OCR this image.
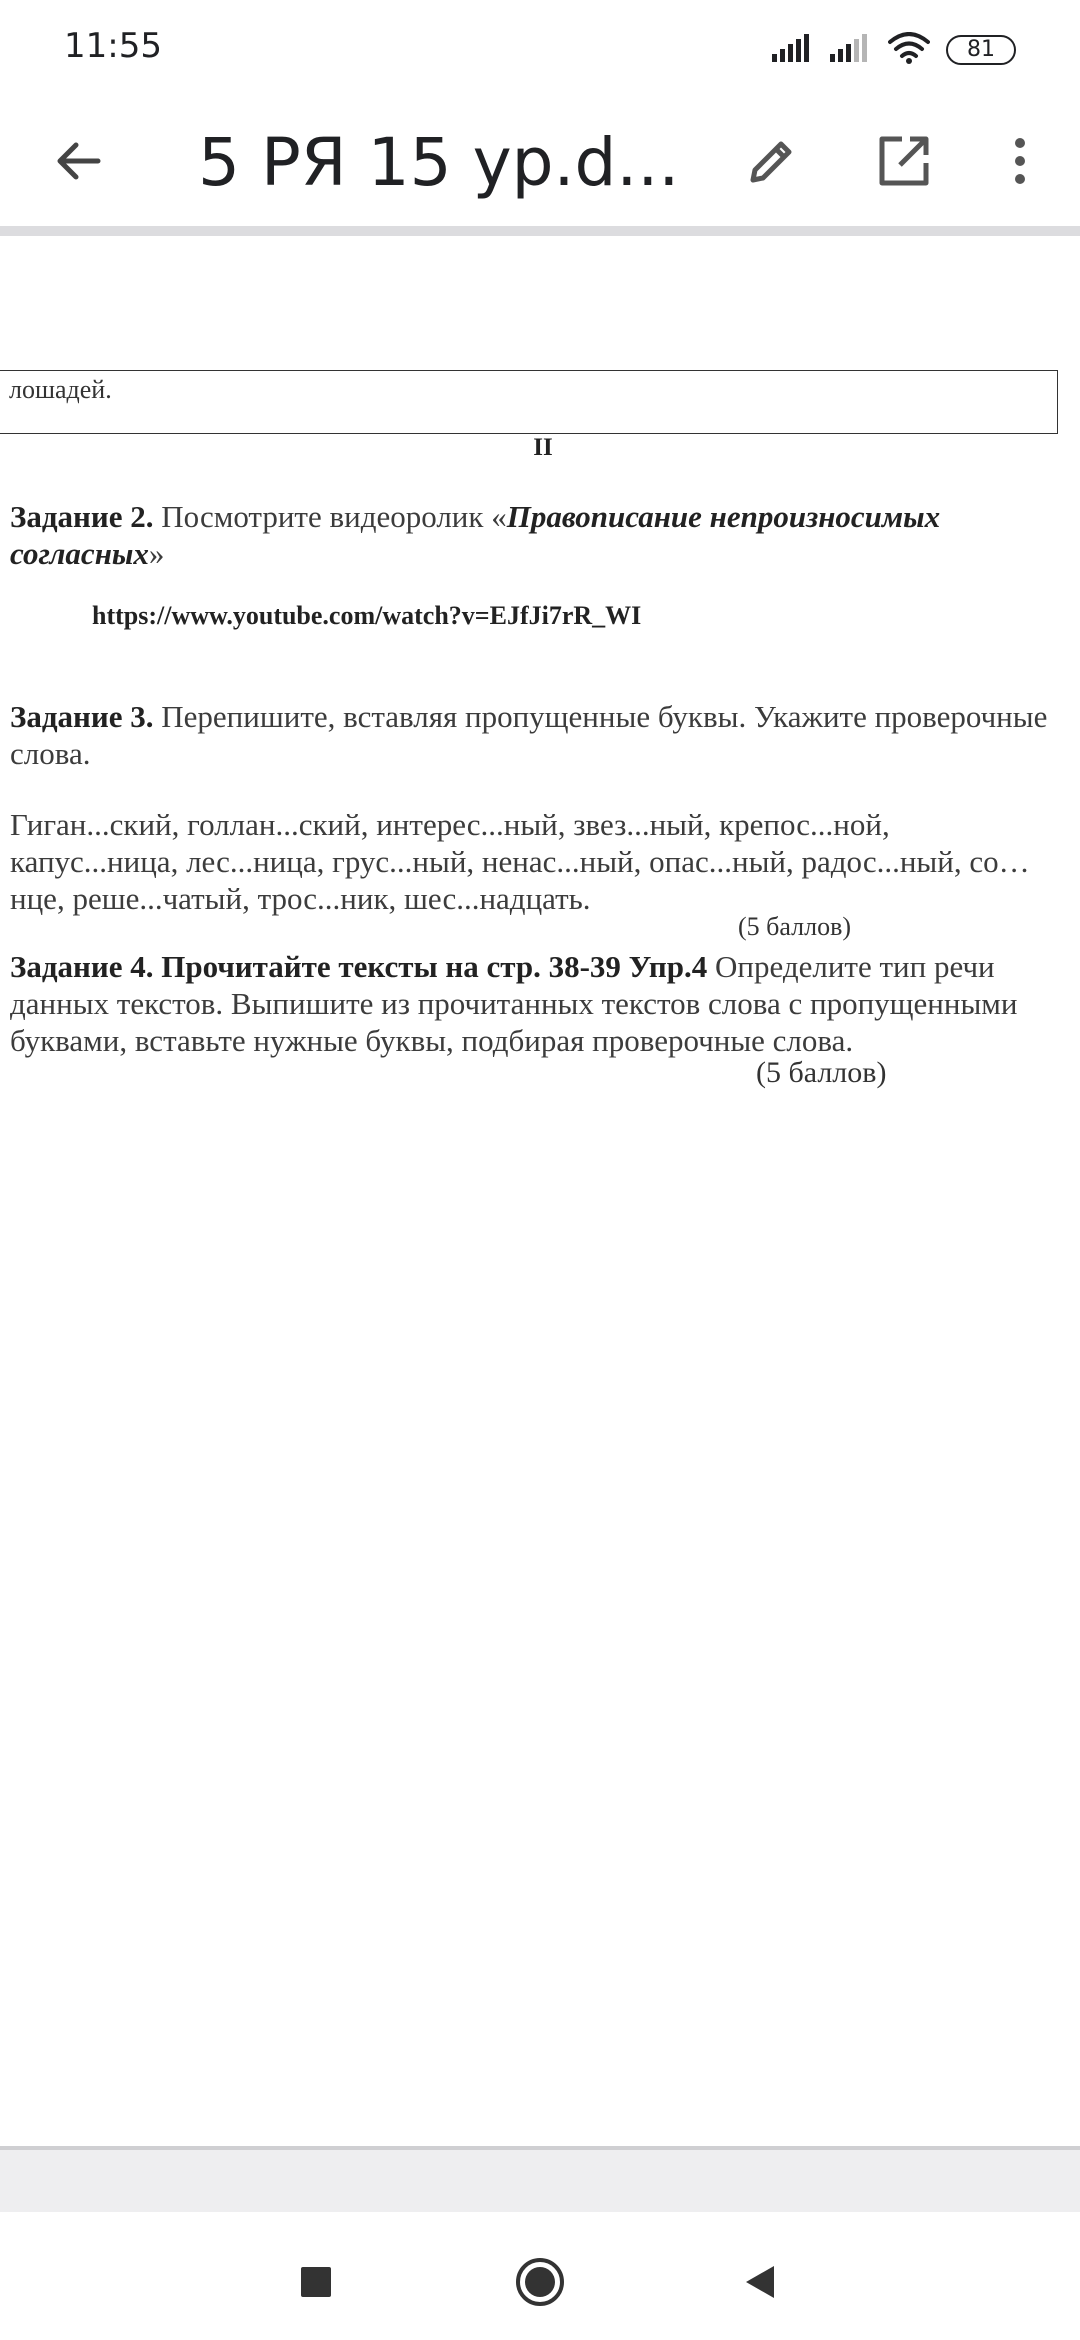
11:55	81
5 РЯ 15 ур.d...
лошадей.
II
Задание 2. Посмотрите видеоролик «Правописание непроизносимых согласных»
https://www.youtube.com/watch?v=EJfJi7rR_WI
Задание 3. Перепишите, вставляя пропущенные буквы. Укажите проверочные слова.
Гиган...ский, голлан...ский, интерес...ный, звез...ный, крепос...ной, капус...ница, лес...ница, грус...ный, ненас...ный, опас...ный, радос...ный, со…нце, реше...чатый, трос...ник, шес...надцать.
(5 баллов)
Задание 4. Прочитайте тексты на стр. 38-39 Упр.4 Определите тип речи данных текстов. Выпишите из прочитанных текстов слова с пропущенными буквами, вставьте нужные буквы, подбирая проверочные слова.
(5 баллов)
